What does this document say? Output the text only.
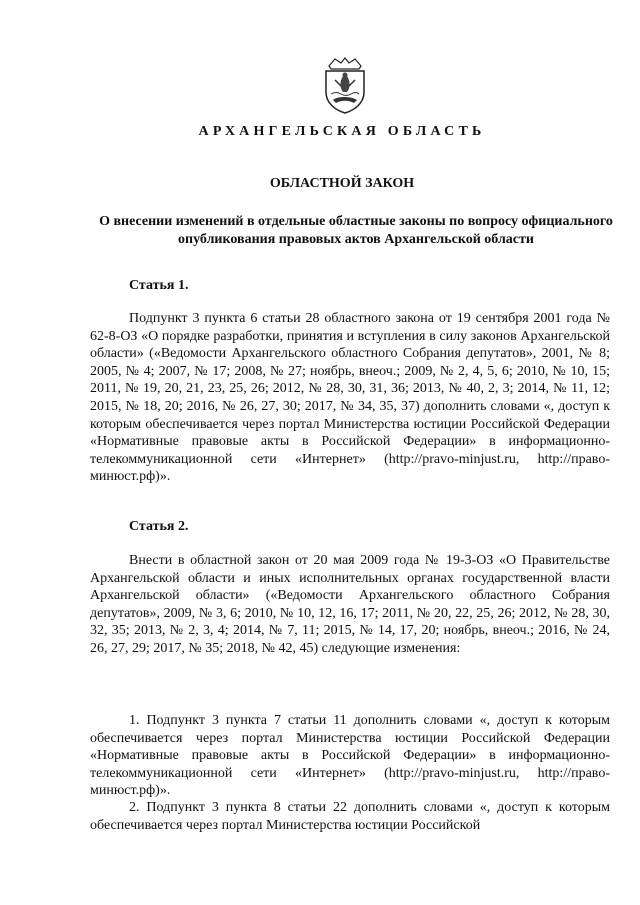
АРХАНГЕЛЬСКАЯ ОБЛАСТЬ
ОБЛАСТНОЙ ЗАКОН
О внесении изменений в отдельные областные законы по вопросу официального опубликования правовых актов Архангельской области
Статья 1.

Подпункт 3 пункта 6 статьи 28 областного закона от 19 сентября 2001 года № 62-8-ОЗ «О порядке разработки, принятия и вступления в силу законов Архангельской области» («Ведомости Архангельского областного Собрания депутатов», 2001, № 8; 2005, № 4; 2007, № 17; 2008, № 27; ноябрь, внеоч.; 2009, № 2, 4, 5, 6; 2010, № 10, 15; 2011, № 19, 20, 21, 23, 25, 26; 2012, № 28, 30, 31, 36; 2013, № 40, 2, 3; 2014, № 11, 12; 2015, № 18, 20; 2016, № 26, 27, 30; 2017, № 34, 35, 37) дополнить словами «, доступ к которым обеспечивается через портал Министерства юстиции Российской Федерации «Нормативные правовые акты в Российской Федерации» в информационно-телекоммуникационной сети «Интернет» (http://pravo-minjust.ru, http://право-минюст.рф)».

Статья 2.

Внести в областной закон от 20 мая 2009 года № 19-3-ОЗ «О Правительстве Архангельской области и иных исполнительных органах государственной власти Архангельской области» («Ведомости Архангельского областного Собрания депутатов», 2009, № 3, 6; 2010, № 10, 12, 16, 17; 2011, № 20, 22, 25, 26; 2012, № 28, 30, 32, 35; 2013, № 2, 3, 4; 2014, № 7, 11; 2015, № 14, 17, 20; ноябрь, внеоч.; 2016, № 24, 26, 27, 29; 2017, № 35; 2018, № 42, 45) следующие изменения:

1. Подпункт 3 пункта 7 статьи 11 дополнить словами «, доступ к которым обеспечивается через портал Министерства юстиции Российской Федерации «Нормативные правовые акты в Российской Федерации» в информационно-телекоммуникационной сети «Интернет» (http://pravo-minjust.ru, http://право-минюст.рф)».

2. Подпункт 3 пункта 8 статьи 22 дополнить словами «, доступ к которым обеспечивается через портал Министерства юстиции Российской
